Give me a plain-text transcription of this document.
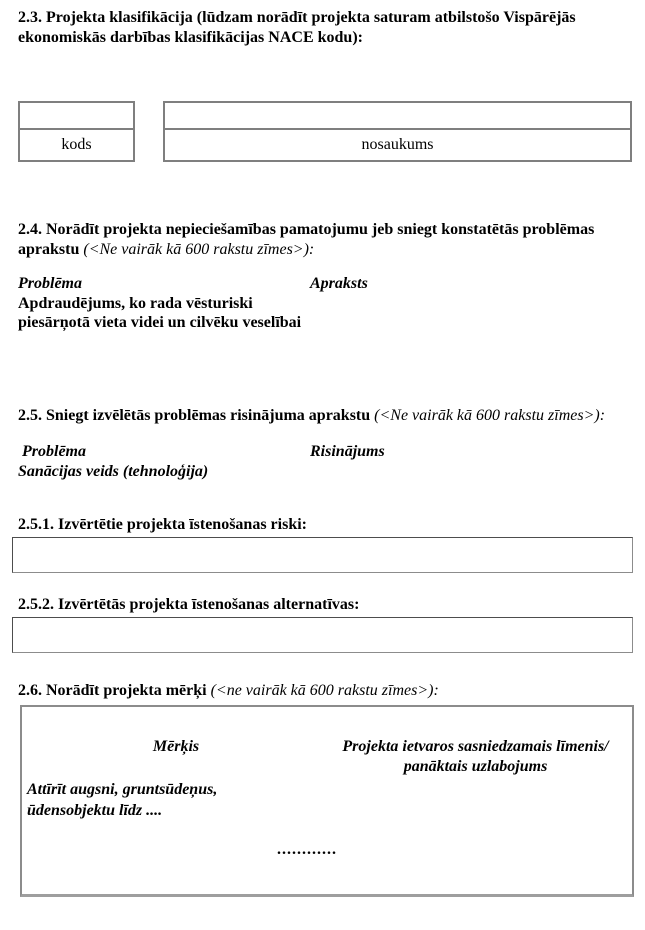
2.3. Projekta klasifikācija (lūdzam norādīt projekta saturam atbilstošo Vispārējās ekonomiskās darbības klasifikācijas NACE kodu):

kods	nosaukums

2.4. Norādīt projekta nepieciešamības pamatojumu jeb sniegt konstatētās problēmas aprakstu (<Ne vairāk kā 600 rakstu zīmes>):

Problēma	Apraksts

Apdraudējums, ko rada vēsturiski piesārņotā vieta videi un cilvēku veselībai

2.5. Sniegt izvēlētās problēmas risinājuma aprakstu (<Ne vairāk kā 600 rakstu zīmes>):

Problēma	Risinājums

Sanācijas veids (tehnoloģija)

2.5.1. Izvērtētie projekta īstenošanas riski:

2.5.2. Izvērtētās projekta īstenošanas alternatīvas:

2.6. Norādīt projekta mērķi (<ne vairāk kā 600 rakstu zīmes>):

Mērķis	Projekta ietvaros sasniedzamais līmenis/ panāktais uzlabojums
Attīrīt augsni, gruntsūdeņus, ūdensobjektu līdz ....
............
